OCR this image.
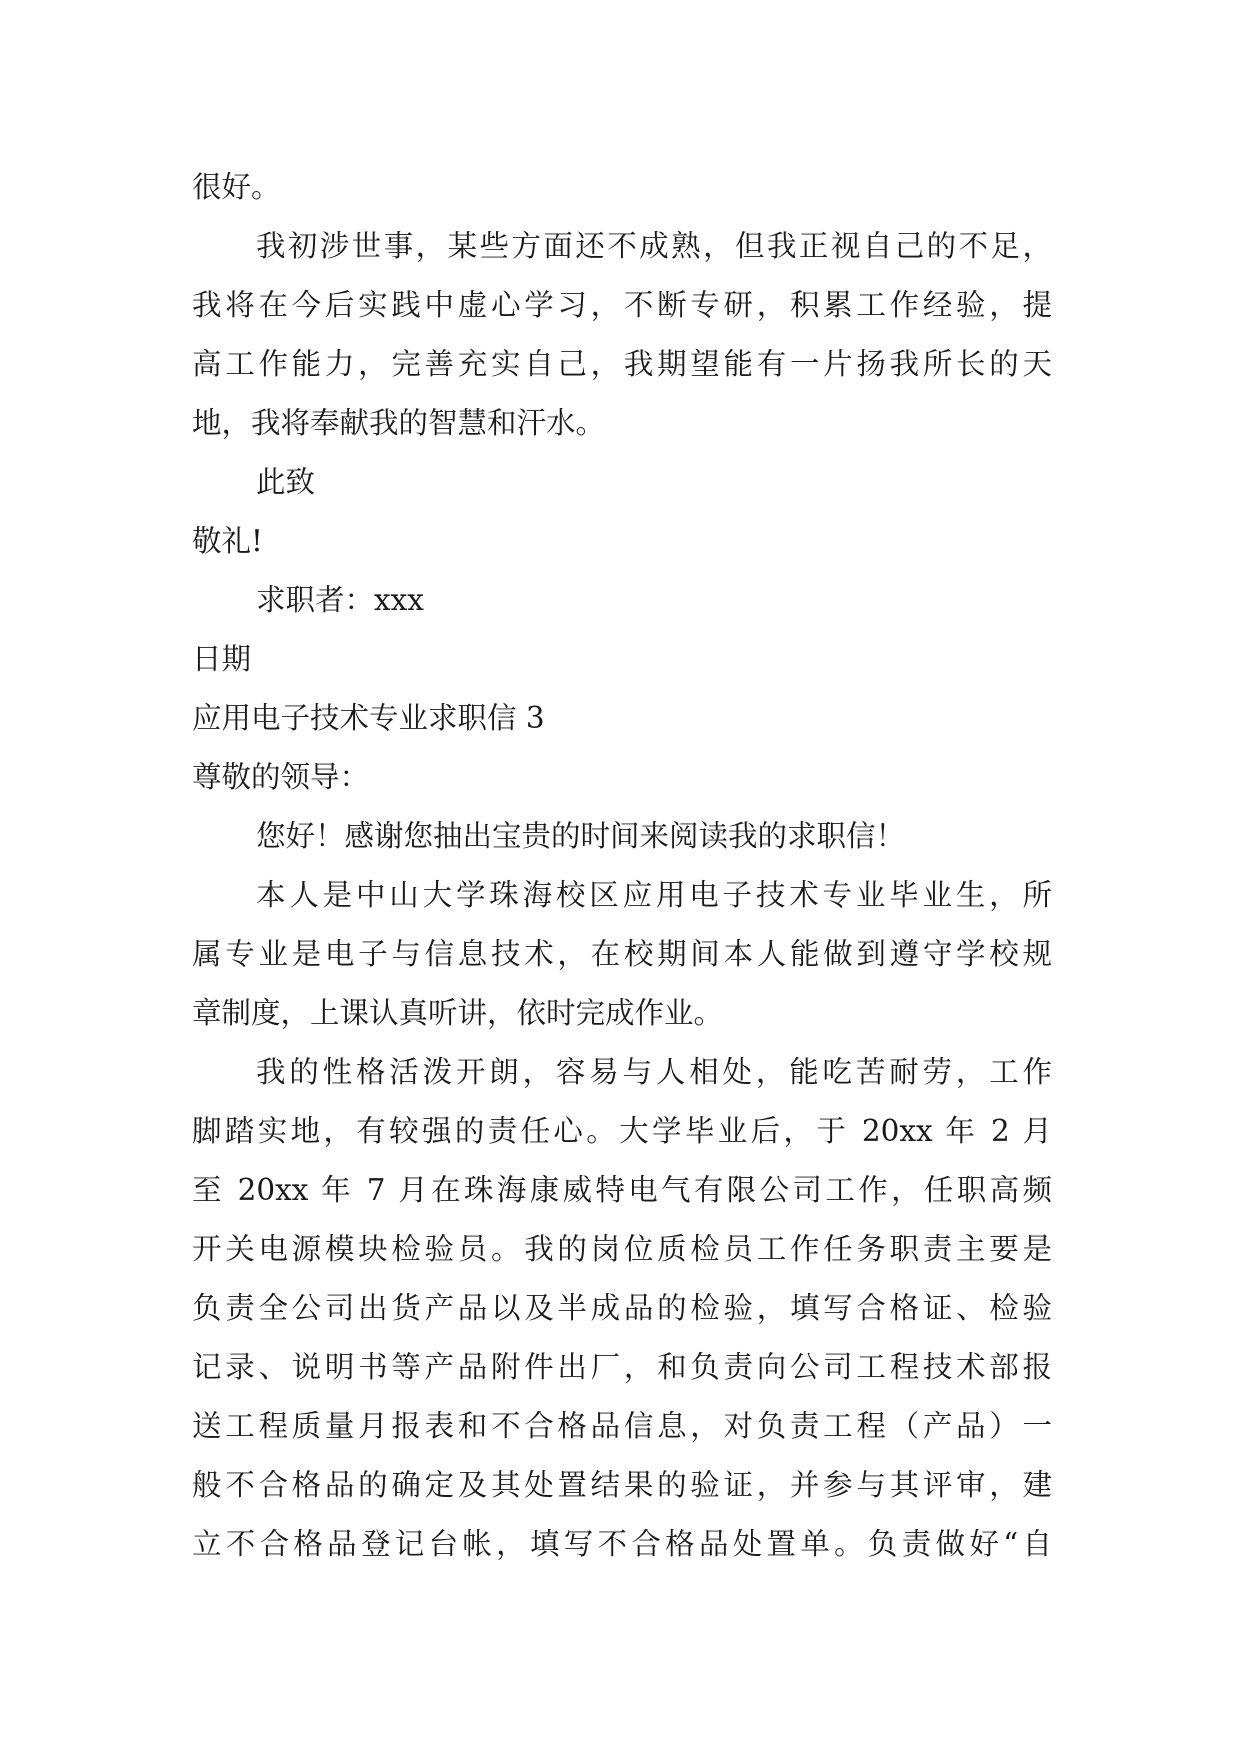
很好。
我初涉世事，某些方面还不成熟，但我正视自己的不足，
我将在今后实践中虚心学习，不断专研，积累工作经验，提
高工作能力，完善充实自己，我期望能有一片扬我所长的天
地，我将奉献我的智慧和汗水。
此致
敬礼!
求职者：xxx
日期
应用电子技术专业求职信 3
尊敬的领导：
您好！感谢您抽出宝贵的时间来阅读我的求职信！
本人是中山大学珠海校区应用电子技术专业毕业生，所
属专业是电子与信息技术，在校期间本人能做到遵守学校规
章制度，上课认真听讲，依时完成作业。
我的性格活泼开朗，容易与人相处，能吃苦耐劳，工作
脚踏实地，有较强的责任心。大学毕业后，于 20xx 年 2 月
至 20xx 年 7 月在珠海康威特电气有限公司工作，任职高频
开关电源模块检验员。我的岗位质检员工作任务职责主要是
负责全公司出货产品以及半成品的检验，填写合格证、检验
记录、说明书等产品附件出厂，和负责向公司工程技术部报
送工程质量月报表和不合格品信息，对负责工程（产品）一
般不合格品的确定及其处置结果的验证，并参与其评审，建
立不合格品登记台帐，填写不合格品处置单。负责做好“自
